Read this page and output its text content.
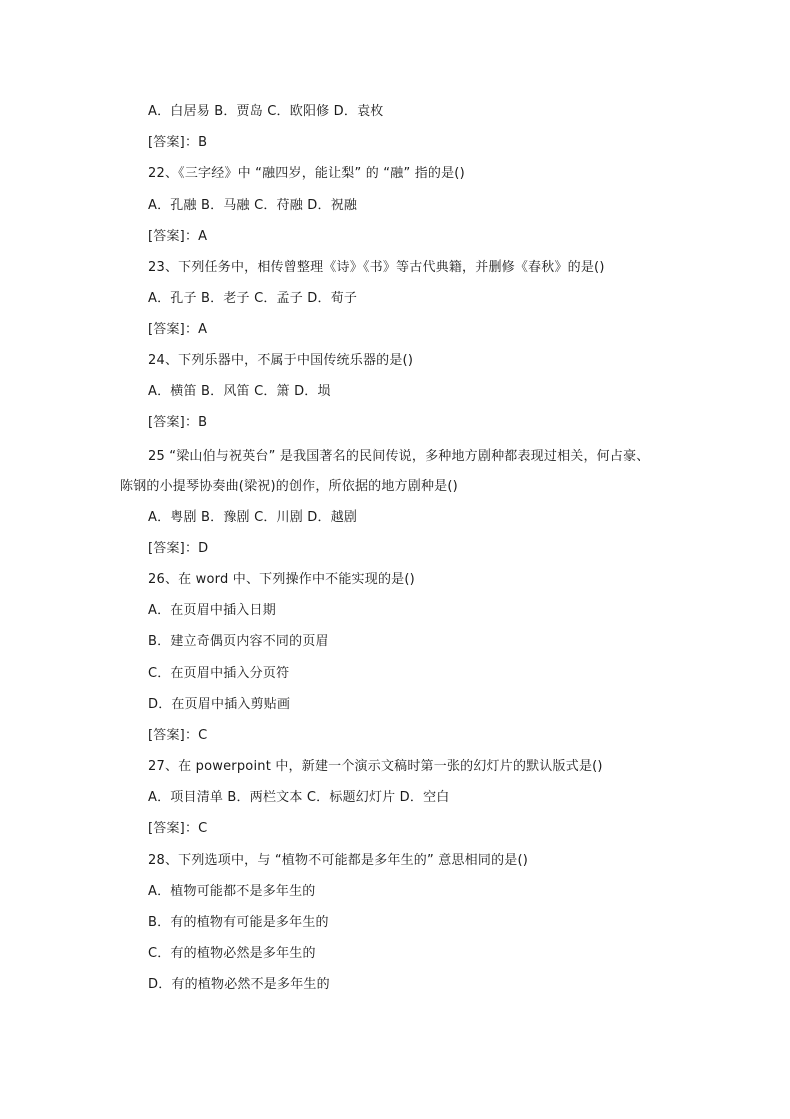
A．白居易 B．贾岛 C．欧阳修 D．袁枚
[答案]：B
22、《三字经》中 “融四岁，能让梨” 的 “融” 指的是()
A．孔融 B．马融 C．苻融 D．祝融
[答案]：A
23、下列任务中，相传曾整理《诗》《书》等古代典籍，并删修《春秋》的是()
A．孔子 B．老子 C．孟子 D．荀子
[答案]：A
24、下列乐器中，不属于中国传统乐器的是()
A．横笛 B．风笛 C．箫 D．埙
[答案]：B
25 “梁山伯与祝英台” 是我国著名的民间传说，多种地方剧种都表现过相关，何占豪、
陈钢的小提琴协奏曲(梁祝)的创作，所依据的地方剧种是()
A．粤剧 B．豫剧 C．川剧 D．越剧
[答案]：D
26、在 word 中、下列操作中不能实现的是()
A．在页眉中插入日期
B．建立奇偶页内容不同的页眉
C．在页眉中插入分页符
D．在页眉中插入剪贴画
[答案]：C
27、在 powerpoint 中，新建一个演示文稿时第一张的幻灯片的默认版式是()
A．项目清单 B．两栏文本 C．标题幻灯片 D．空白
[答案]：C
28、下列选项中，与 “植物不可能都是多年生的” 意思相同的是()
A．植物可能都不是多年生的
B．有的植物有可能是多年生的
C．有的植物必然是多年生的
D．有的植物必然不是多年生的
